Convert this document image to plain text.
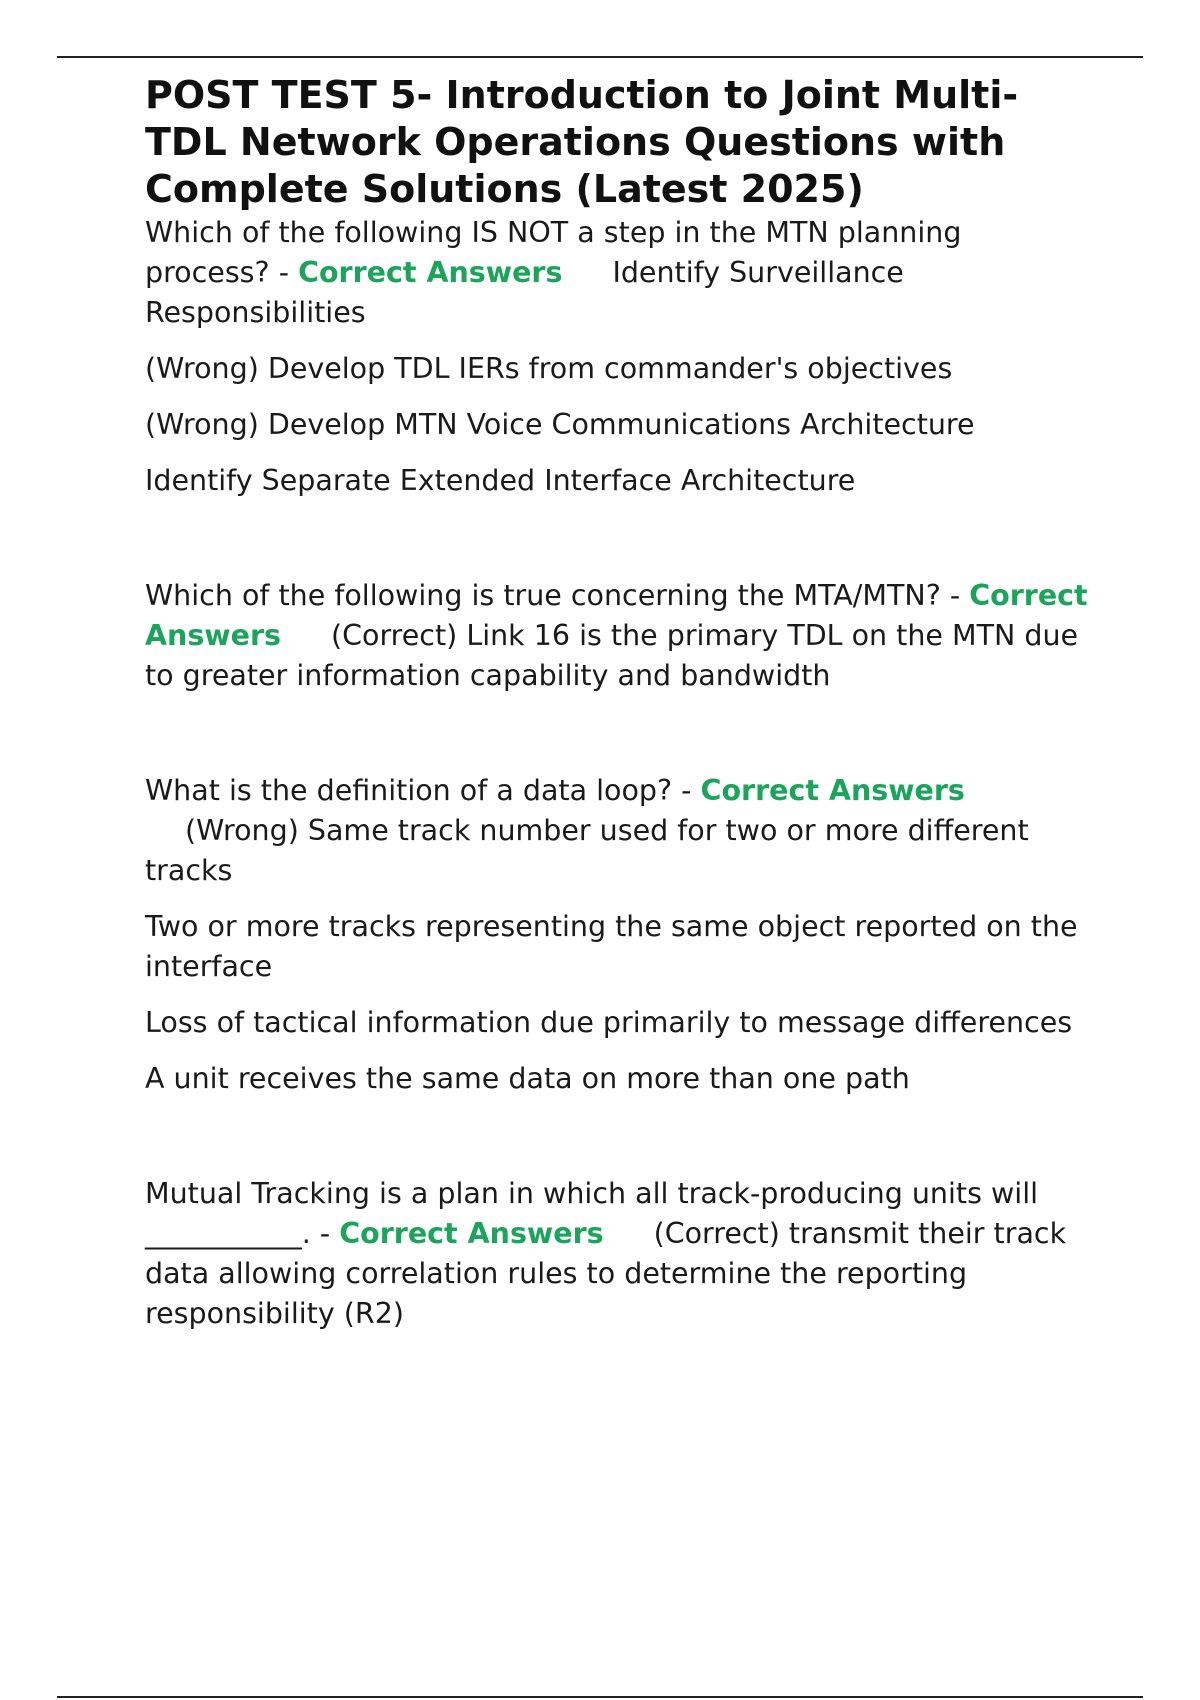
POST TEST 5- Introduction to Joint Multi-TDL Network Operations Questions with Complete Solutions (Latest 2025)

Which of the following IS NOT a step in the MTN planning process? - Correct Answers Identify Surveillance Responsibilities

(Wrong) Develop TDL IERs from commander's objectives

(Wrong) Develop MTN Voice Communications Architecture

Identify Separate Extended Interface Architecture

Which of the following is true concerning the MTA/MTN? - Correct Answers (Correct) Link 16 is the primary TDL on the MTN due to greater information capability and bandwidth

What is the definition of a data loop? - Correct Answers
(Wrong) Same track number used for two or more different tracks

Two or more tracks representing the same object reported on the interface

Loss of tactical information due primarily to message differences

A unit receives the same data on more than one path

Mutual Tracking is a plan in which all track-producing units will ___________. - Correct Answers (Correct) transmit their track data allowing correlation rules to determine the reporting responsibility (R2)
